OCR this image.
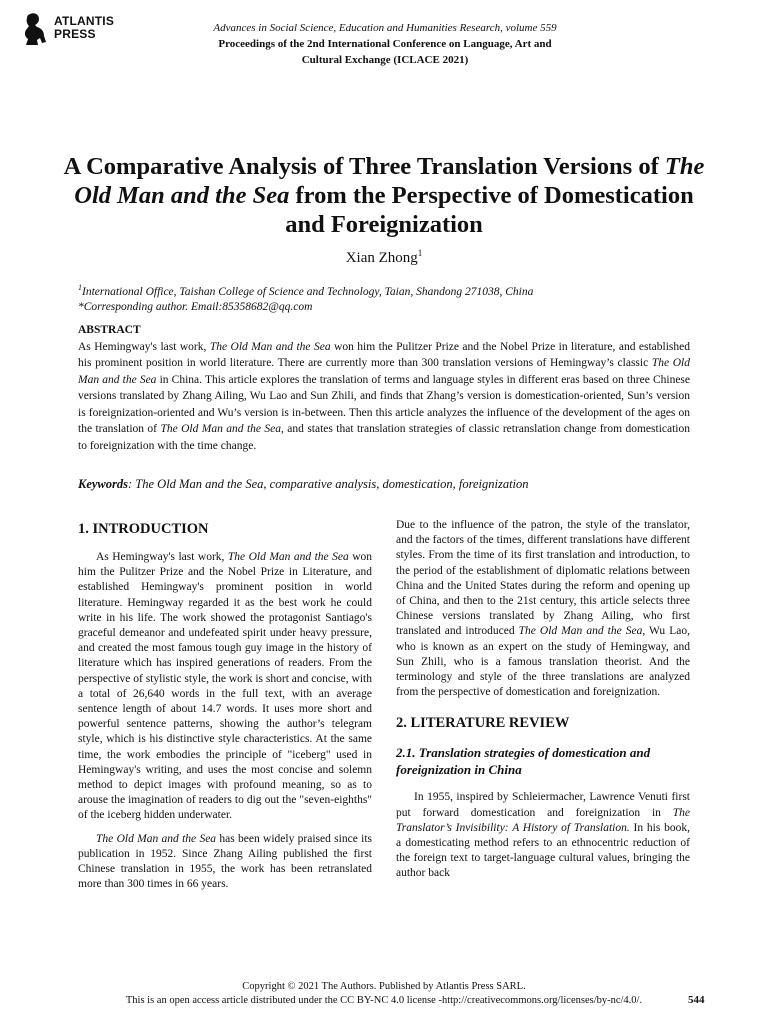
ATLANTIS
PRESS	Advances in Social Science, Education and Humanities Research, volume 559
Proceedings of the 2nd International Conference on Language, Art and
Cultural Exchange (ICLACE 2021)
A Comparative Analysis of Three Translation Versions of The Old Man and the Sea from the Perspective of Domestication and Foreignization
Xian Zhong$^1$
$^1$International Office, Taishan College of Science and Technology, Taian, Shandong 271038, China
*Corresponding author. Email:85358682@qq.com
ABSTRACT
As Hemingway's last work, The Old Man and the Sea won him the Pulitzer Prize and the Nobel Prize in literature, and established his prominent position in world literature. There are currently more than 300 translation versions of Hemingway’s classic The Old Man and the Sea in China. This article explores the translation of terms and language styles in different eras based on three Chinese versions translated by Zhang Ailing, Wu Lao and Sun Zhili, and finds that Zhang’s version is domestication-oriented, Sun’s version is foreignization-oriented and Wu’s version is in-between. Then this article analyzes the influence of the development of the ages on the translation of The Old Man and the Sea, and states that translation strategies of classic retranslation change from domestication to foreignization with the time change.
Keywords: The Old Man and the Sea, comparative analysis, domestication, foreignization
1. INTRODUCTION

As Hemingway's last work, The Old Man and the Sea won him the Pulitzer Prize and the Nobel Prize in Literature, and established Hemingway's prominent position in world literature. Hemingway regarded it as the best work he could write in his life. The work showed the protagonist Santiago's graceful demeanor and undefeated spirit under heavy pressure, and created the most famous tough guy image in the history of literature which has inspired generations of readers. From the perspective of stylistic style, the work is short and concise, with a total of 26,640 words in the full text, with an average sentence length of about 14.7 words. It uses more short and powerful sentence patterns, showing the author’s telegram style, which is his distinctive style characteristics. At the same time, the work embodies the principle of "iceberg" used in Hemingway's writing, and uses the most concise and solemn method to depict images with profound meaning, so as to arouse the imagination of readers to dig out the "seven-eighths" of the iceberg hidden underwater.

The Old Man and the Sea has been widely praised since its publication in 1952. Since Zhang Ailing published the first Chinese translation in 1955, the work has been retranslated more than 300 times in 66 years.

Due to the influence of the patron, the style of the translator, and the factors of the times, different translations have different styles. From the time of its first translation and introduction, to the period of the establishment of diplomatic relations between China and the United States during the reform and opening up of China, and then to the 21st century, this article selects three Chinese versions translated by Zhang Ailing, who first translated and introduced The Old Man and the Sea, Wu Lao, who is known as an expert on the study of Hemingway, and Sun Zhili, who is a famous translation theorist. And the terminology and style of the three translations are analyzed from the perspective of domestication and foreignization.

2. LITERATURE REVIEW
2.1. Translation strategies of domestication and foreignization in China

In 1955, inspired by Schleiermacher, Lawrence Venuti first put forward domestication and foreignization in The Translator’s Invisibility: A History of Translation. In his book, a domesticating method refers to an ethnocentric reduction of the foreign text to target-language cultural values, bringing the author back

Copyright © 2021 The Authors. Published by Atlantis Press SARL.
This is an open access article distributed under the CC BY-NC 4.0 license -http://creativecommons.org/licenses/by-nc/4.0/.	544
